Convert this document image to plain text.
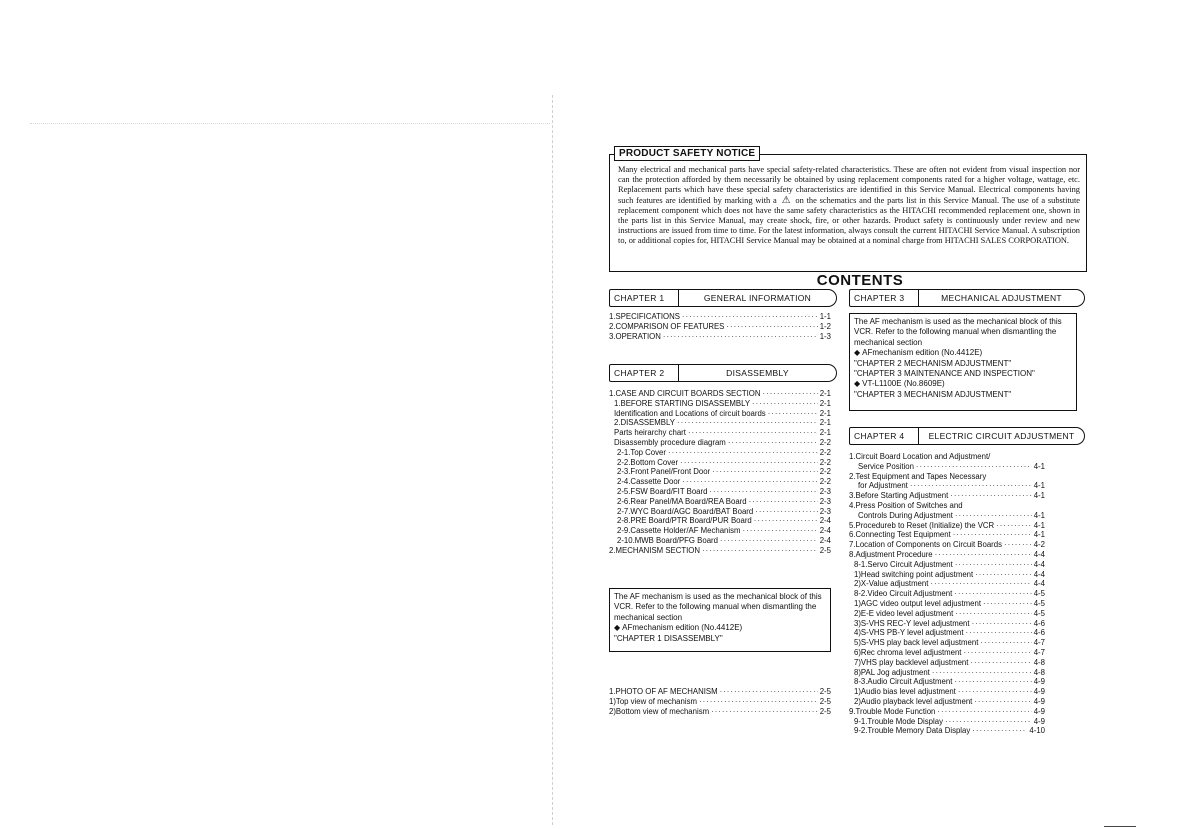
PRODUCT SAFETY NOTICE

Many electrical and mechanical parts have special safety-related characteristics. These are often not evident from visual inspection nor can the protection afforded by them necessarily be obtained by using replacement components rated for a higher voltage, wattage, etc. Replacement parts which have these special safety characteristics are identified in this Service Manual. Electrical components having such features are identified by marking with a ⚠ on the schematics and the parts list in this Service Manual. The use of a substitute replacement component which does not have the same safety characteristics as the HITACHI recommended replacement one, shown in the parts list in this Service Manual, may create shock, fire, or other hazards. Product safety is continuously under review and new instructions are issued from time to time. For the latest information, always consult the current HITACHI Service Manual. A subscription to, or additional copies for, HITACHI Service Manual may be obtained at a nominal charge from HITACHI SALES CORPORATION.

CONTENTS
CHAPTER 1	GENERAL INFORMATION
1.SPECIFICATIONS ·····	1-1
2.COMPARISON OF FEATURES ·····	1-2
3.OPERATION ·····	1-3
CHAPTER 2	DISASSEMBLY
1.CASE AND CIRCUIT BOARDS SECTION ·····	2-1
1.BEFORE STARTING DISASSEMBLY ·····	2-1
Identification and Locations of circuit boards ·····	2-1
2.DISASSEMBLY ·····	2-1
Parts heirarchy chart ·····	2-1
Disassembly procedure diagram ·····	2-2
2-1.Top Cover ·····	2-2
2-2.Bottom Cover ·····	2-2
2-3.Front Panel/Front Door ·····	2-2
2-4.Cassette Door ·····	2-2
2-5.FSW Board/FIT Board ·····	2-3
2-6.Rear Panel/MA Board/REA Board ·····	2-3
2-7.WYC Board/AGC Board/BAT Board ·····	2-3
2-8.PRE Board/PTR Board/PUR Board ·····	2-4
2-9.Cassette Holder/AF Mechanism ·····	2-4
2-10.MWB Board/PFG Board ·····	2-4
2.MECHANISM SECTION ·····	2-5

The AF mechanism is used as the mechanical block of this VCR. Refer to the following manual when dismantling the mechanical section

◆ AFmechanism edition (No.4412E)

"CHAPTER 1 DISASSEMBLY"

1.PHOTO OF AF MECHANISM ·····	2-5
1)Top view of mechanism ·····	2-5
2)Bottom view of mechanism ·····	2-5
CHAPTER 3	MECHANICAL ADJUSTMENT

The AF mechanism is used as the mechanical block of this VCR. Refer to the following manual when dismantling the mechanical section

◆ AFmechanism edition (No.4412E)

"CHAPTER 2 MECHANISM ADJUSTMENT"

"CHAPTER 3 MAINTENANCE AND INSPECTION"

◆ VT-L1100E (No.8609E)

"CHAPTER 3 MECHANISM ADJUSTMENT"

CHAPTER 4	ELECTRIC CIRCUIT ADJUSTMENT
1.Circuit Board Location and Adjustment/
Service Position ·····	4-1
2.Test Equipment and Tapes Necessary
for Adjustment ·····	4-1
3.Before Starting Adjustment ·····	4-1
4.Press Position of Switches and
Controls During Adjustment ·····	4-1
5.Procedureb to Reset (Initialize) the VCR ·····	4-1
6.Connecting Test Equipment ·····	4-1
7.Location of Components on Circuit Boards ·····	4-2
8.Adjustment Procedure ·····	4-4
8-1.Servo Circuit Adjustment ·····	4-4
1)Head switching point adjustment ·····	4-4
2)X-Value adjustment ·····	4-4
8-2.Video Circuit Adjustment ·····	4-5
1)AGC video output level adjustment ·····	4-5
2)E-E video level adjustment ·····	4-5
3)S-VHS REC-Y level adjustment ·····	4-6
4)S-VHS PB-Y level adjustment ·····	4-6
5)S-VHS play back level adjustment ·····	4-7
6)Rec chroma level adjustment ·····	4-7
7)VHS play backlevel adjustment ·····	4-8
8)PAL Jog adjustment ·····	4-8
8-3.Audio Circuit Adjustment ·····	4-9
1)Audio bias level adjustment ·····	4-9
2)Audio playback level adjustment ·····	4-9
9.Trouble Mode Function ·····	4-9
9-1.Trouble Mode Display ·····	4-9
9-2.Trouble Memory Data Display ·····	4-10
